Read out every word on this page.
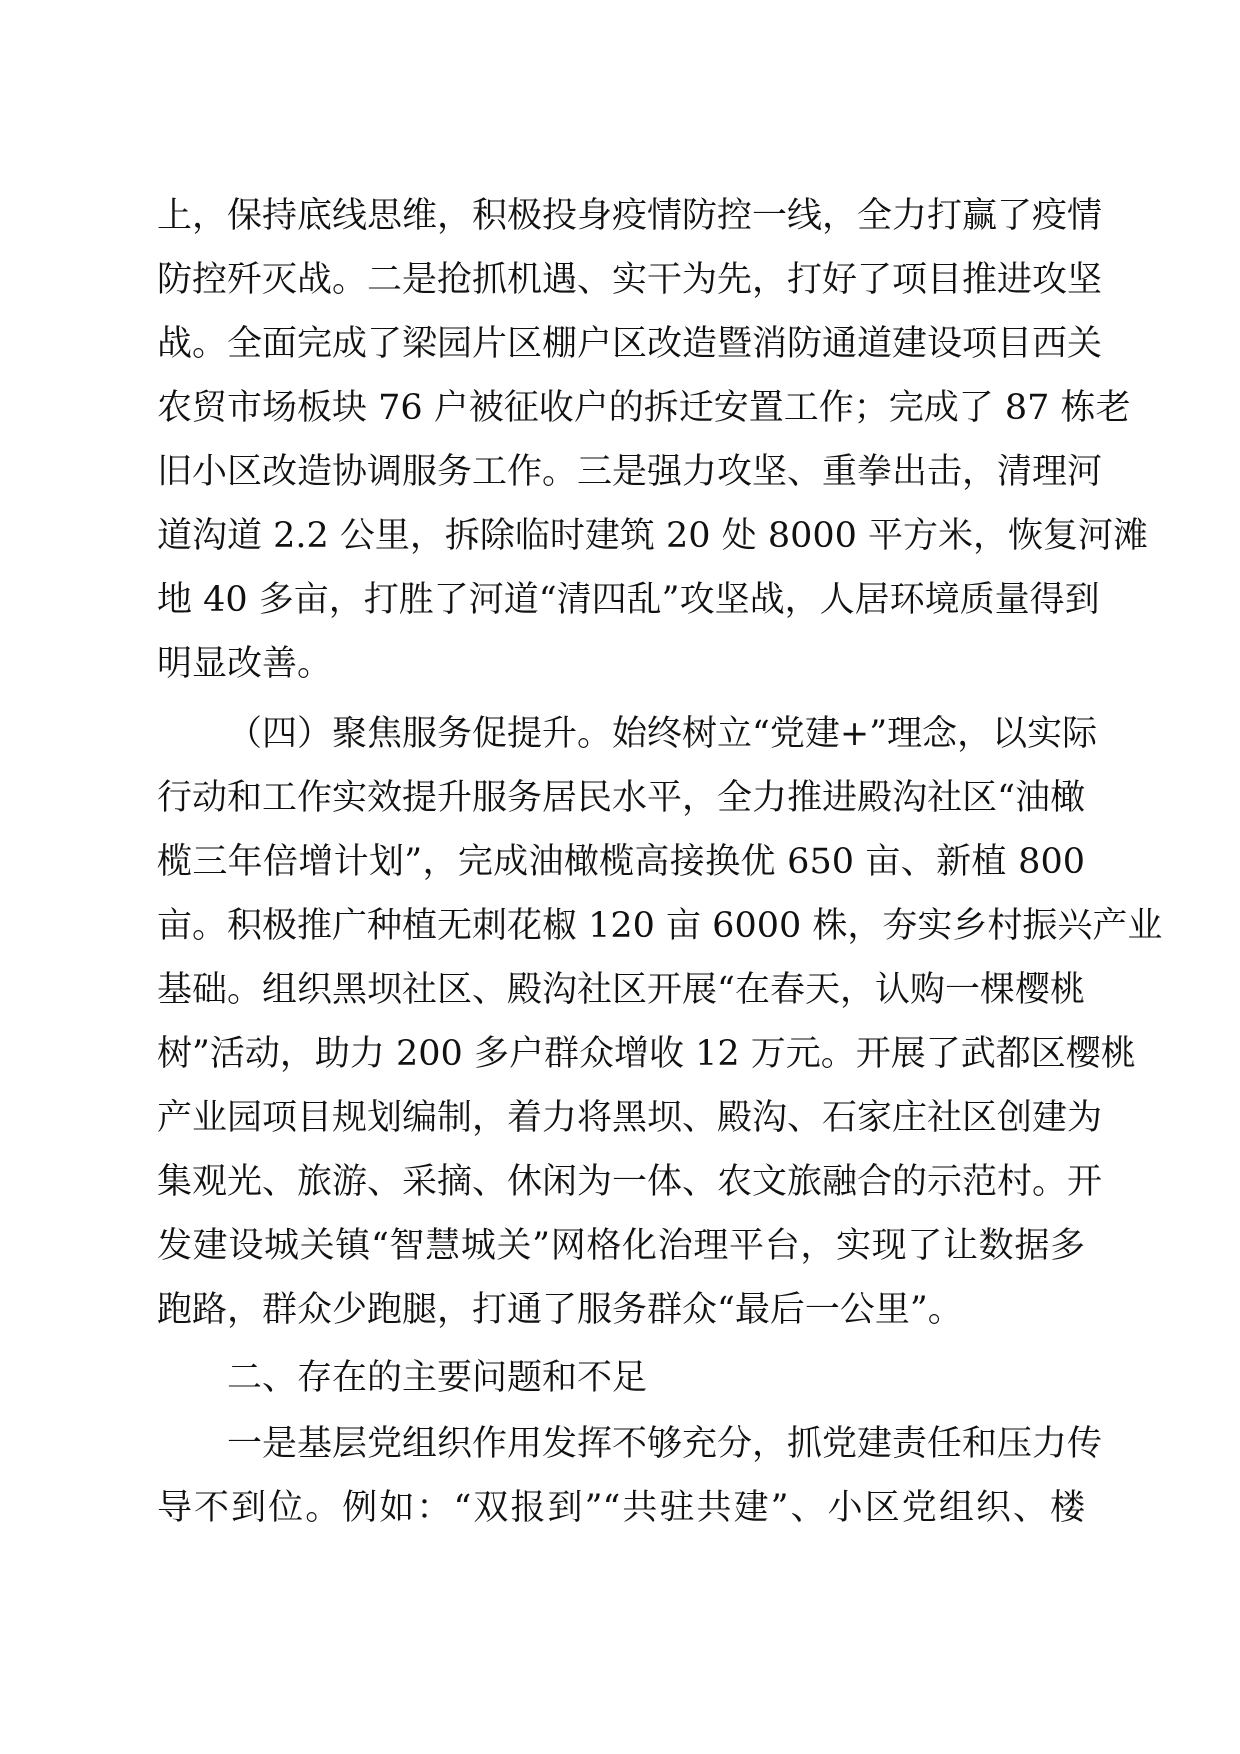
上，保持底线思维，积极投身疫情防控一线，全力打赢了疫情
防控歼灭战。二是抢抓机遇、实干为先，打好了项目推进攻坚
战。全面完成了梁园片区棚户区改造暨消防通道建设项目西关
农贸市场板块 76 户被征收户的拆迁安置工作；完成了 87 栋老
旧小区改造协调服务工作。三是强力攻坚、重拳出击，清理河
道沟道 2.2 公里，拆除临时建筑 20 处 8000 平方米，恢复河滩
地 40 多亩，打胜了河道“清四乱”攻坚战，人居环境质量得到
明显改善。
（四）聚焦服务促提升。始终树立“党建+”理念，以实际
行动和工作实效提升服务居民水平，全力推进殿沟社区“油橄
榄三年倍增计划”，完成油橄榄高接换优 650 亩、新植 800
亩。积极推广种植无刺花椒 120 亩 6000 株，夯实乡村振兴产业
基础。组织黑坝社区、殿沟社区开展“在春天，认购一棵樱桃
树”活动，助力 200 多户群众增收 12 万元。开展了武都区樱桃
产业园项目规划编制，着力将黑坝、殿沟、石家庄社区创建为
集观光、旅游、采摘、休闲为一体、农文旅融合的示范村。开
发建设城关镇“智慧城关”网格化治理平台，实现了让数据多
跑路，群众少跑腿，打通了服务群众“最后一公里”。
二、存在的主要问题和不足
一是基层党组织作用发挥不够充分，抓党建责任和压力传
导不到位。例如：“双报到”“共驻共建”、小区党组织、楼
